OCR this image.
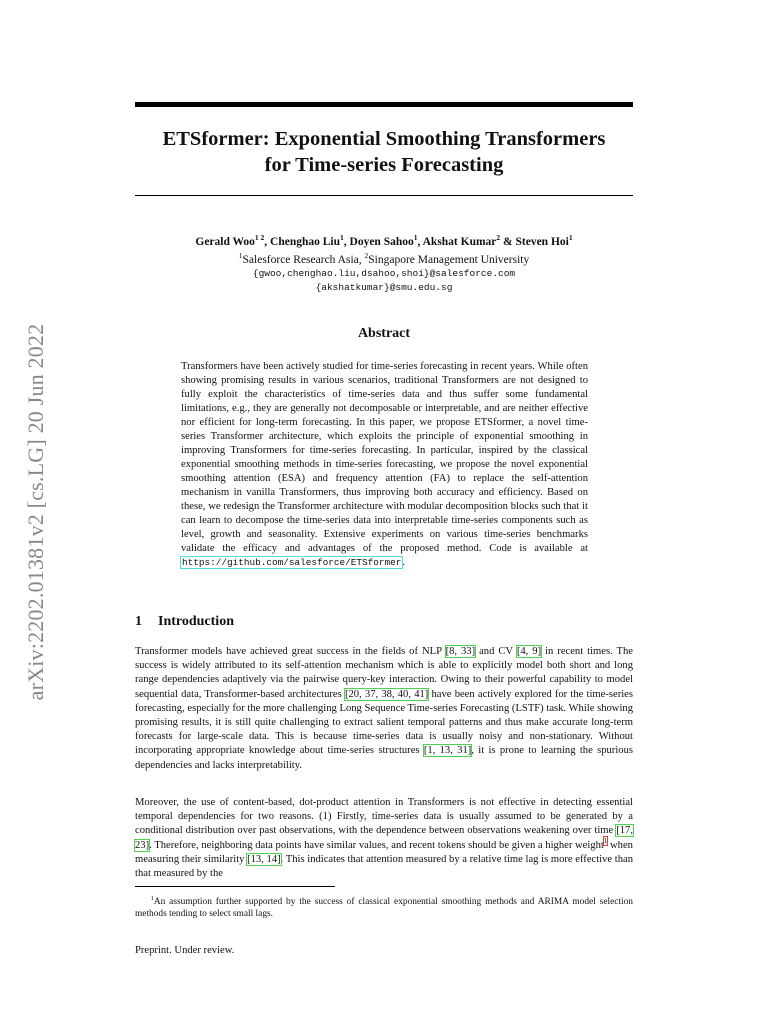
arXiv:2202.01381v2 [cs.LG] 20 Jun 2022
ETSformer: Exponential Smoothing Transformers
for Time-series Forecasting
Gerald Woo$^{1 2}$, Chenghao Liu$^1$, Doyen Sahoo$^1$, Akshat Kumar$^2$ & Steven Hoi$^1$
$^1$Salesforce Research Asia, $^2$Singapore Management University
{gwoo,chenghao.liu,dsahoo,shoi}@salesforce.com
{akshatkumar}@smu.edu.sg
Abstract
Transformers have been actively studied for time-series forecasting in recent years. While often showing promising results in various scenarios, traditional Transformers are not designed to fully exploit the characteristics of time-series data and thus suffer some fundamental limitations, e.g., they are generally not decomposable or interpretable, and are neither effective nor efficient for long-term forecasting. In this paper, we propose ETSformer, a novel time-series Transformer architecture, which exploits the principle of exponential smoothing in improving Transformers for time-series forecasting. In particular, inspired by the classical exponential smoothing methods in time-series forecasting, we propose the novel exponential smoothing attention (ESA) and frequency attention (FA) to replace the self-attention mechanism in vanilla Transformers, thus improving both accuracy and efficiency. Based on these, we redesign the Transformer architecture with modular decomposition blocks such that it can learn to decompose the time-series data into interpretable time-series components such as level, growth and seasonality. Extensive experiments on various time-series benchmarks validate the efficacy and advantages of the proposed method. Code is available at https://github.com/salesforce/ETSformer.
1 Introduction
Transformer models have achieved great success in the fields of NLP [8, 33] and CV [4, 9] in recent times. The success is widely attributed to its self-attention mechanism which is able to explicitly model both short and long range dependencies adaptively via the pairwise query-key interaction. Owing to their powerful capability to model sequential data, Transformer-based architectures [20, 37, 38, 40, 41] have been actively explored for the time-series forecasting, especially for the more challenging Long Sequence Time-series Forecasting (LSTF) task. While showing promising results, it is still quite challenging to extract salient temporal patterns and thus make accurate long-term forecasts for large-scale data. This is because time-series data is usually noisy and non-stationary. Without incorporating appropriate knowledge about time-series structures [1, 13, 31], it is prone to learning the spurious dependencies and lacks interpretability.
Moreover, the use of content-based, dot-product attention in Transformers is not effective in detecting essential temporal dependencies for two reasons. (1) Firstly, time-series data is usually assumed to be generated by a conditional distribution over past observations, with the dependence between observations weakening over time [17, 23]. Therefore, neighboring data points have similar values, and recent tokens should be given a higher weight$^1$ when measuring their similarity [13, 14]. This indicates that attention measured by a relative time lag is more effective than that measured by the
$^1$An assumption further supported by the success of classical exponential smoothing methods and ARIMA model selection methods tending to select small lags.
Preprint. Under review.
